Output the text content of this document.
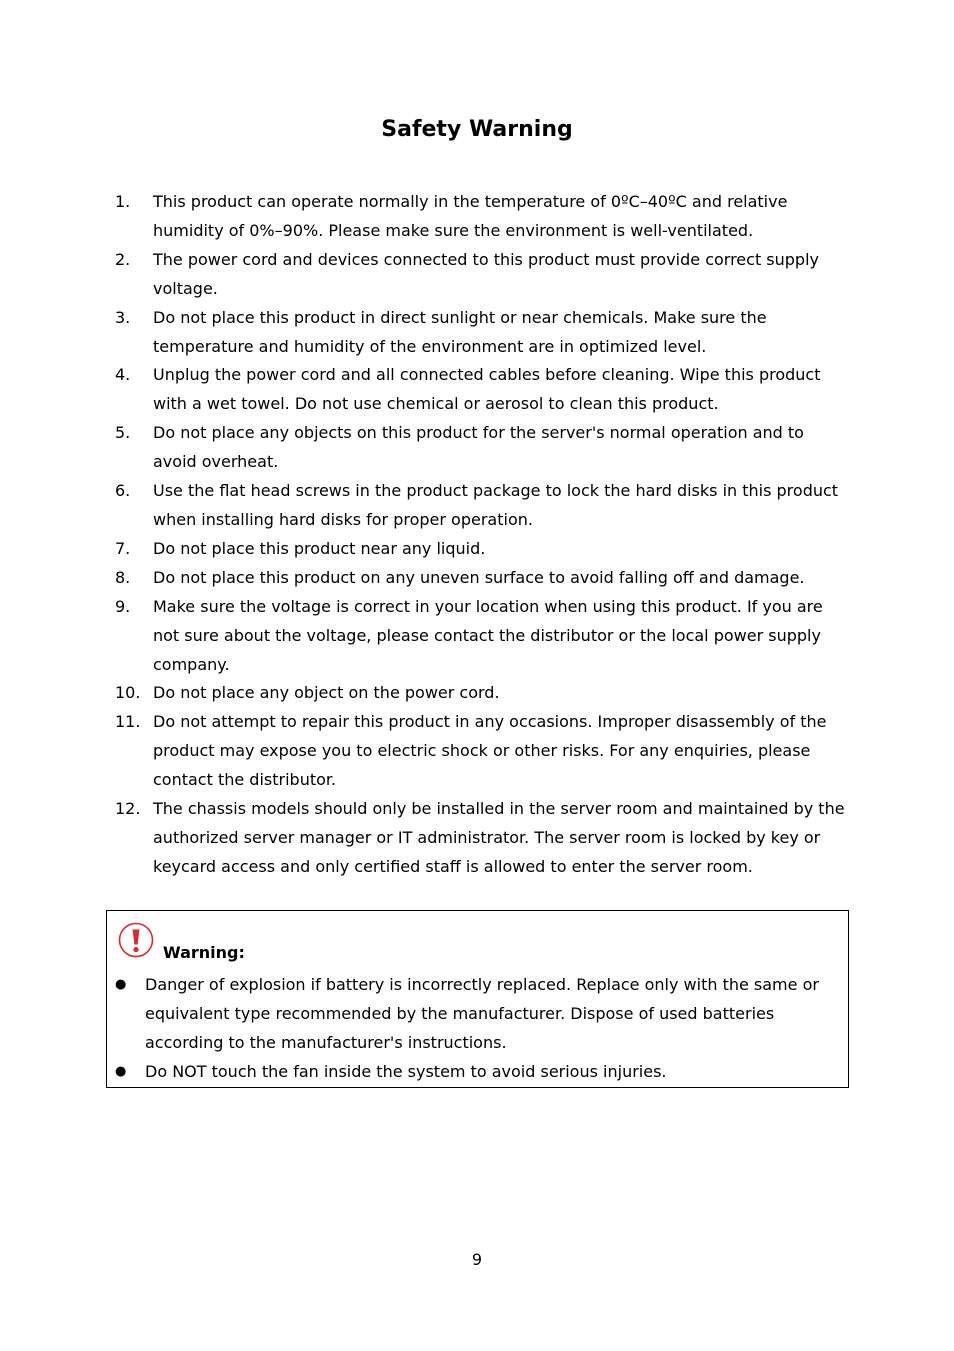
Safety Warning
1. This product can operate normally in the temperature of 0ºC–40ºC and relative humidity of 0%–90%. Please make sure the environment is well-ventilated.
2. The power cord and devices connected to this product must provide correct supply voltage.
3. Do not place this product in direct sunlight or near chemicals. Make sure the temperature and humidity of the environment are in optimized level.
4. Unplug the power cord and all connected cables before cleaning. Wipe this product with a wet towel. Do not use chemical or aerosol to clean this product.
5. Do not place any objects on this product for the server's normal operation and to avoid overheat.
6. Use the flat head screws in the product package to lock the hard disks in this product when installing hard disks for proper operation.
7. Do not place this product near any liquid.
8. Do not place this product on any uneven surface to avoid falling off and damage.
9. Make sure the voltage is correct in your location when using this product. If you are not sure about the voltage, please contact the distributor or the local power supply company.
10. Do not place any object on the power cord.
11. Do not attempt to repair this product in any occasions. Improper disassembly of the product may expose you to electric shock or other risks. For any enquiries, please contact the distributor.
12. The chassis models should only be installed in the server room and maintained by the authorized server manager or IT administrator. The server room is locked by key or keycard access and only certified staff is allowed to enter the server room.
Warning:
● Danger of explosion if battery is incorrectly replaced. Replace only with the same or equivalent type recommended by the manufacturer. Dispose of used batteries according to the manufacturer's instructions.
● Do NOT touch the fan inside the system to avoid serious injuries.
9
